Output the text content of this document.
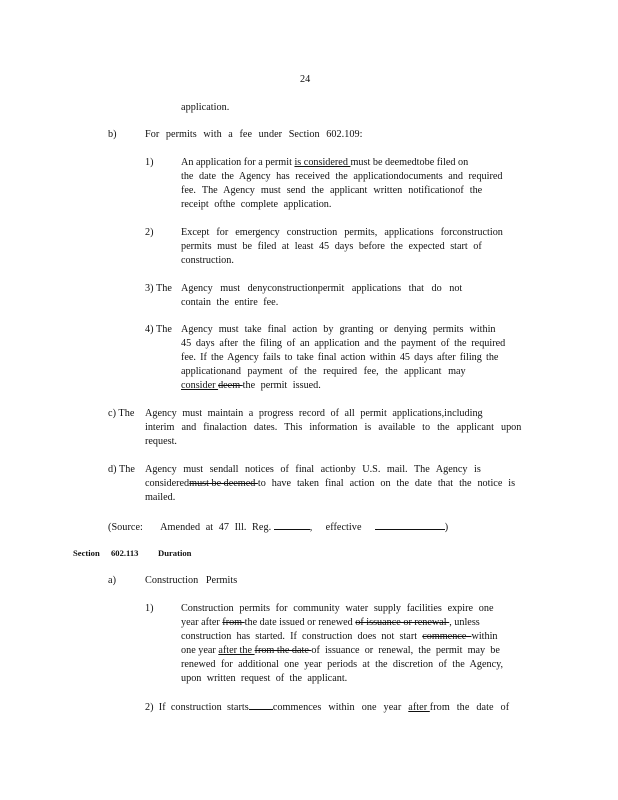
24
application.
b)	For permits with a fee under Section 602.109:
1)	An application for a permit is considered must be deemedtobe filed on
the date the Agency has received the applicationdocuments and required
fee. The Agency must send the applicant written notificationof the
receipt ofthe complete application.
2)	Except for emergency construction permits, applications forconstruction
permits must be filed at least 45 days before the expected start of
construction.
3) The Agency must denyconstructionpermit applications that do not
contain the entire fee.
4) The Agency must take final action by granting or denying permits within
45 days after the filing of an application and the payment of the required
fee. If the Agency fails to take final action within 45 days after filing the
applicationand payment of the required fee, the applicant may
consider deem the permit issued.
c) The Agency must maintain a progress record of all permit applications,including
interim and finalaction dates. This information is available to the applicant upon
request.
d) The Agency must sendall notices of final actionby U.S. mail. The Agency is
consideredmust be deemed to have taken final action on the date that the notice is
mailed.
(Source: Amended at 47 Ill. Reg.	, effective	)
Section 602.113 Duration
a)	Construction Permits
1)	Construction permits for community water supply facilities expire one
year after from the date issued or renewed of issuance or renewal , unless
construction has started. If construction does not start commence within
one year after the from the date of issuance or renewal, the permit may be
renewed for additional one year periods at the discretion of the Agency,
upon written request of the applicant.
2) If construction starts commences within one year after from the date of
